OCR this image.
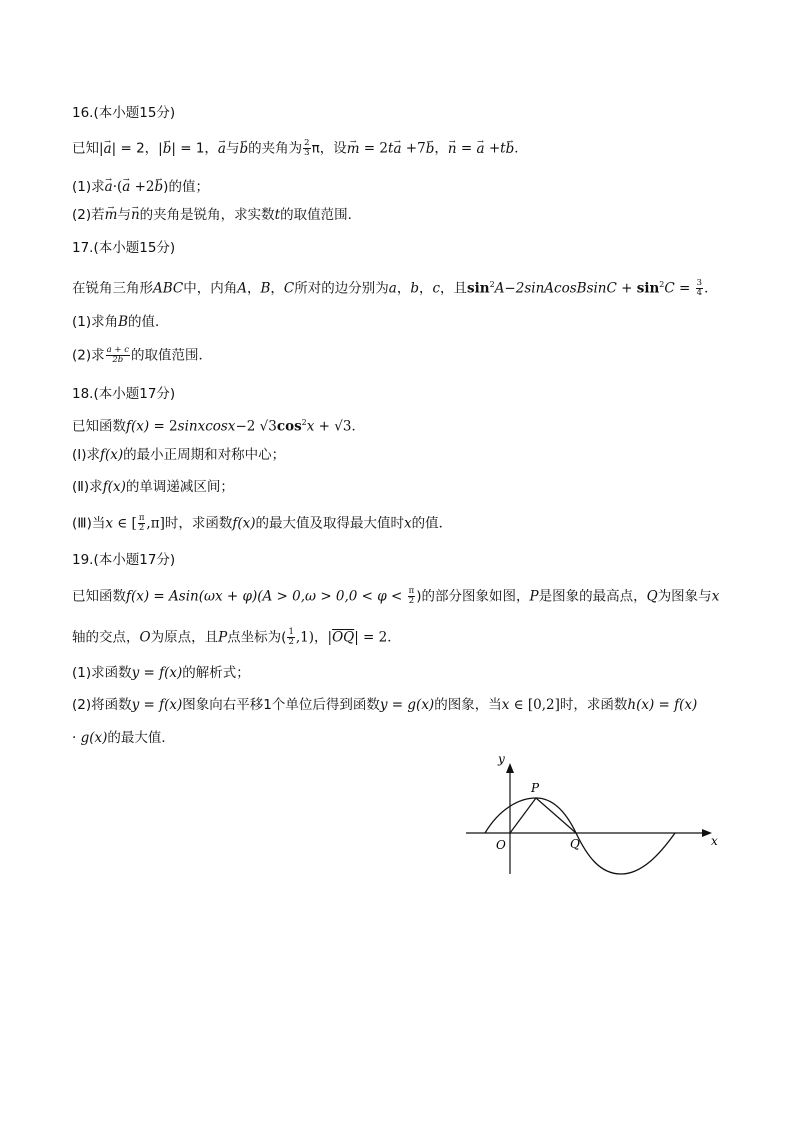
16.(本小题15分)
已知|→ a| = 2，|→ b| = 1，→ a与→ b的夹角为 $\frac{2}{3}$ π，设→ m = 2t→ a +7→ b，→ n = → a +t→ b．
(1)求→ a·(→ a +2→ b)的值；
(2)若→ m与→ n的夹角是锐角，求实数t的取值范围．
17.(本小题15分)
在锐角三角形ABC中，内角A，B，C所对的边分别为a，b，c，且$\sin^2A-2sinAcosBsinC + \sin^2C = \frac{3}{4}$ ．
(1)求角B的值．
(2)求 $\frac{a + c}{2b}$ 的取值范围．
18.(本小题17分)
已知函数f(x) = 2sinxcosx−2 $√3\cos^2x + √3$．
(Ⅰ)求f(x)的最小正周期和对称中心；
(Ⅱ)求f(x)的单调递减区间；
(Ⅲ)当x ∈ [ $\frac{\pi}{2} ,\pi$]时，求函数f(x)的最大值及取得最大值时x的值．
19.(本小题17分)
已知函数$f(x) = Asin(\omega x + \varphi)(A > 0,\omega > 0,0 < \varphi < \frac{\pi}{2}$ )的部分图象如图，P是图象的最高点，Q为图象与x
轴的交点，O为原点，且P点坐标为( $\frac{1}{2} ,1$)，$|\overline{OQ}| = 2$．
(1)求函数y = f(x)的解析式；
(2)将函数y = f(x)图象向右平移1个单位后得到函数y = g(x)的图象，当x ∈ [0,2]时，求函数h(x) = f(x)
· g(x)的最大值．
y
x
O
P
Q
